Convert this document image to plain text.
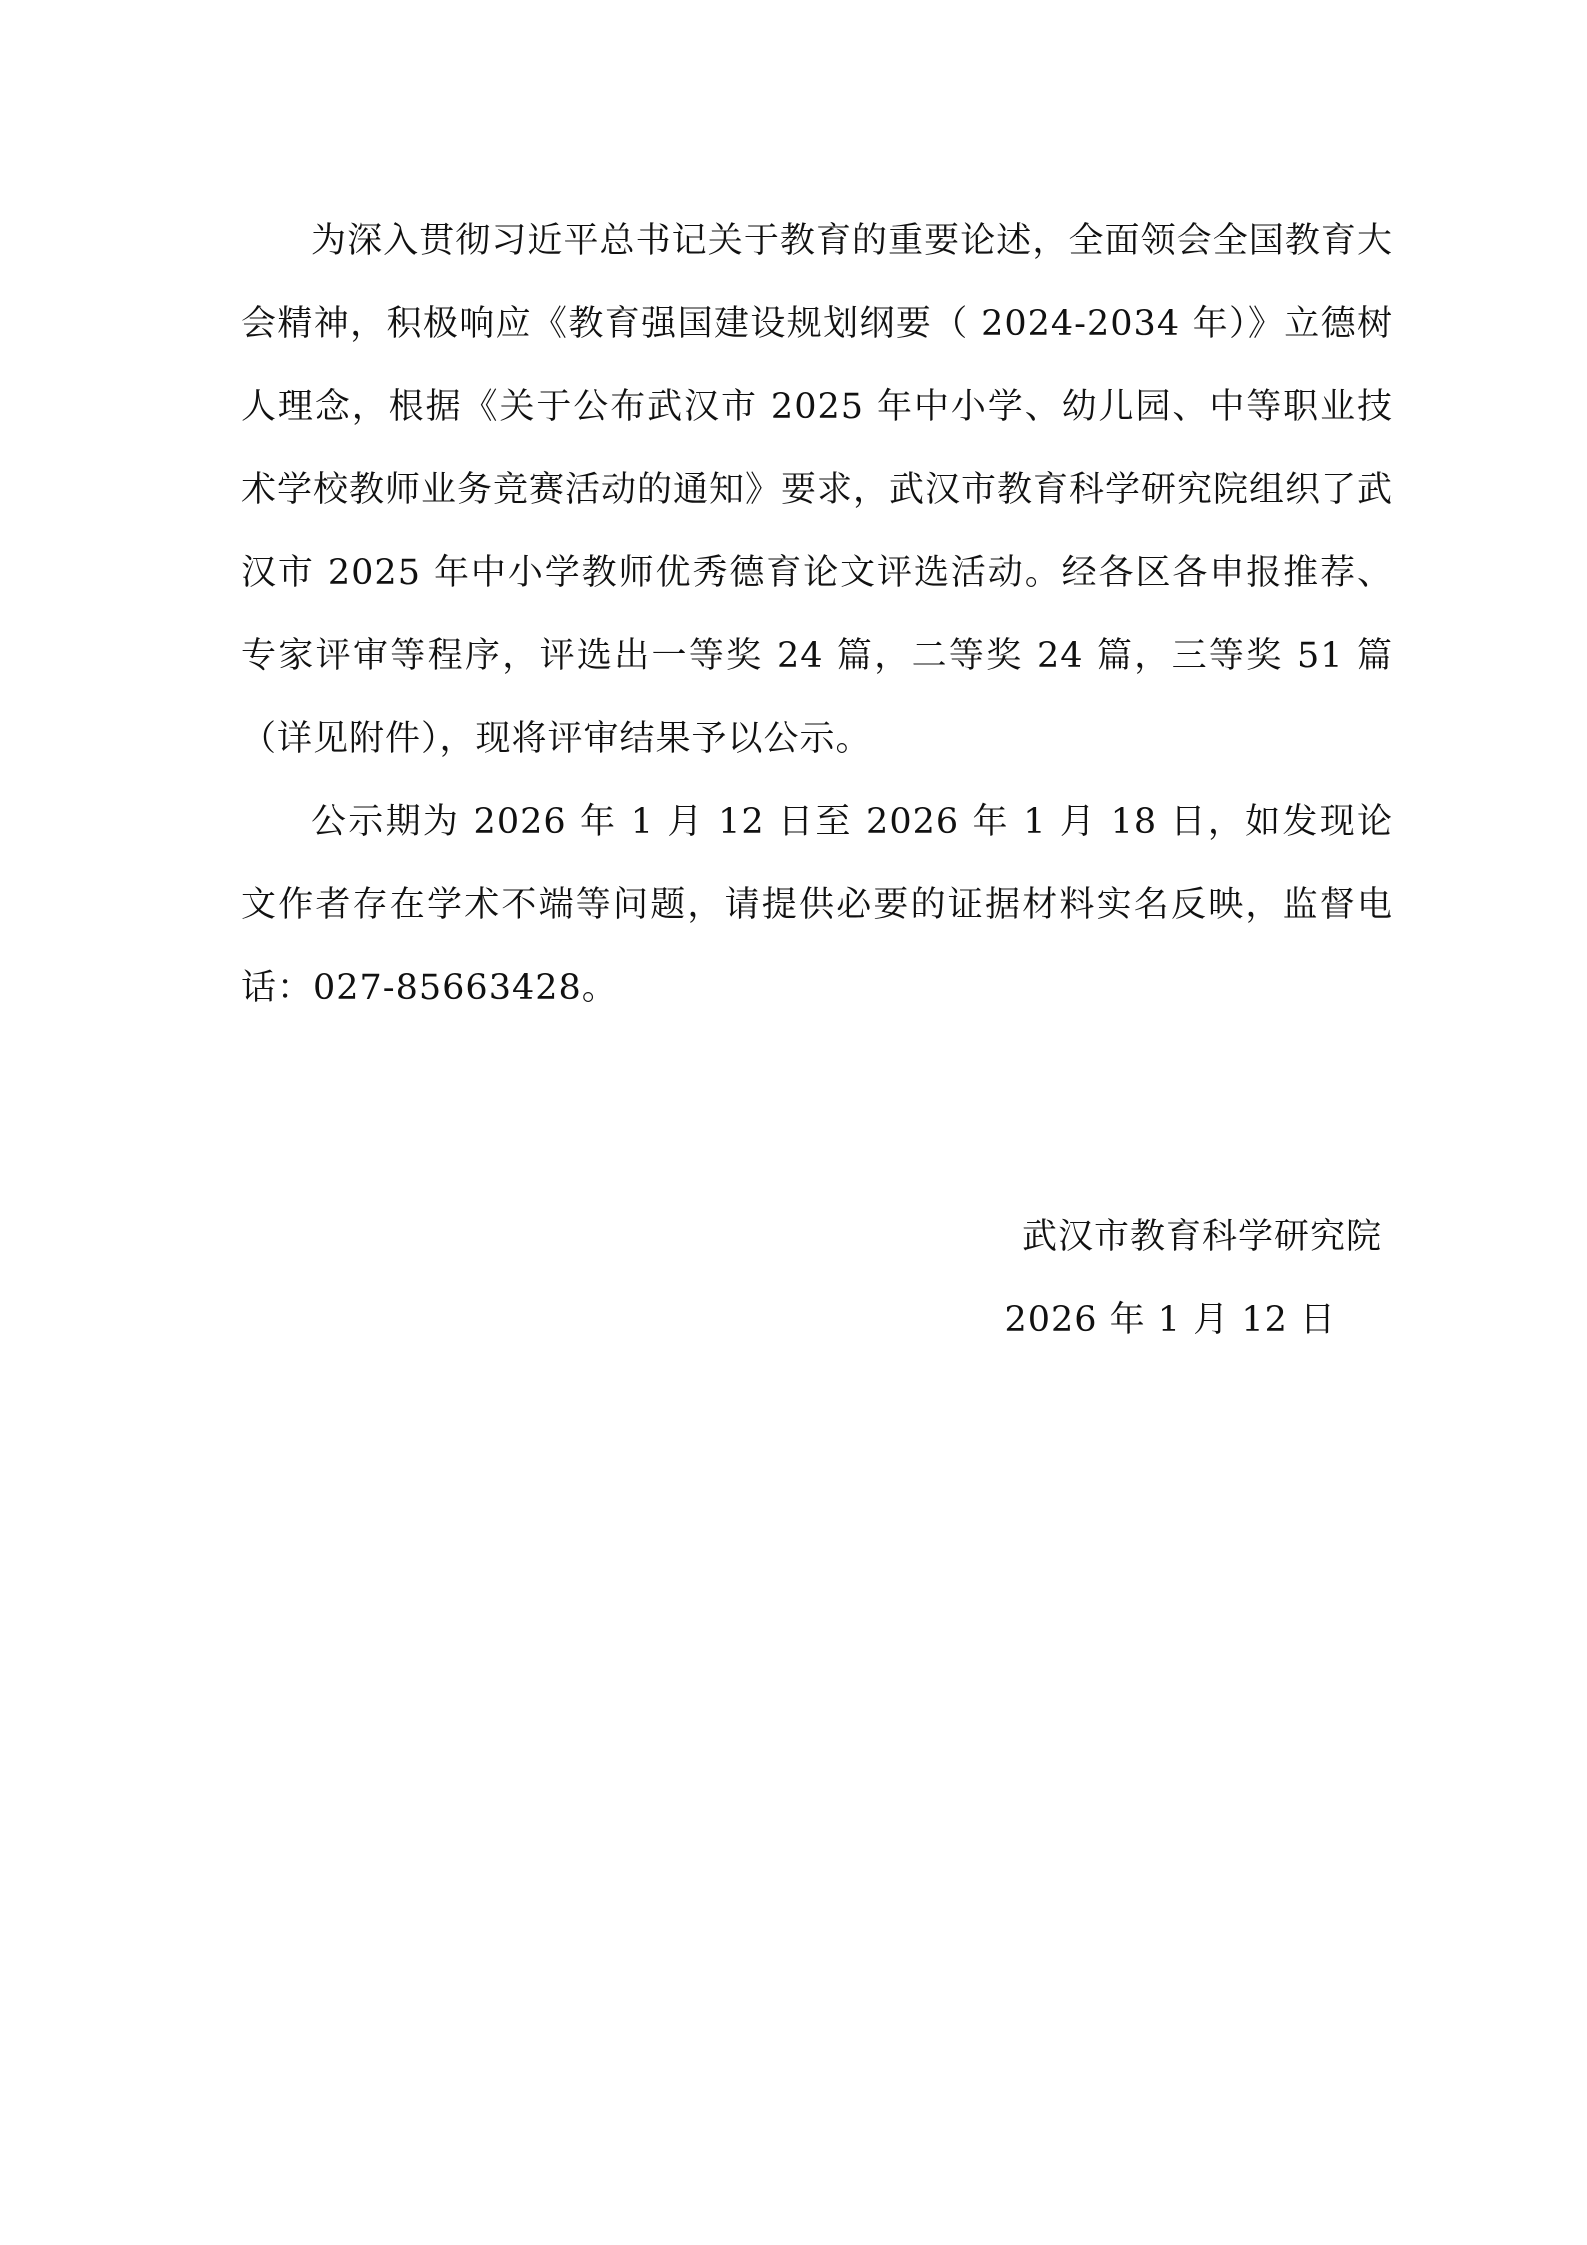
为深入贯彻习近平总书记关于教育的重要论述，全面领会全国教育大会精神，积极响应《教育强国建设规划纲要（ 2024-2034 年）》立德树人理念，根据《关于公布武汉市 2025 年中小学、幼儿园、中等职业技术学校教师业务竞赛活动的通知》要求，武汉市教育科学研究院组织了武汉市 2025 年中小学教师优秀德育论文评选活动。经各区各申报推荐、专家评审等程序，评选出一等奖 24 篇，二等奖 24 篇，三等奖 51 篇（详见附件），现将评审结果予以公示。

公示期为 2026 年 1 月 12 日至 2026 年 1 月 18 日，如发现论文作者存在学术不端等问题，请提供必要的证据材料实名反映，监督电话：027-85663428。

武汉市教育科学研究院
2026 年 1 月 12 日
